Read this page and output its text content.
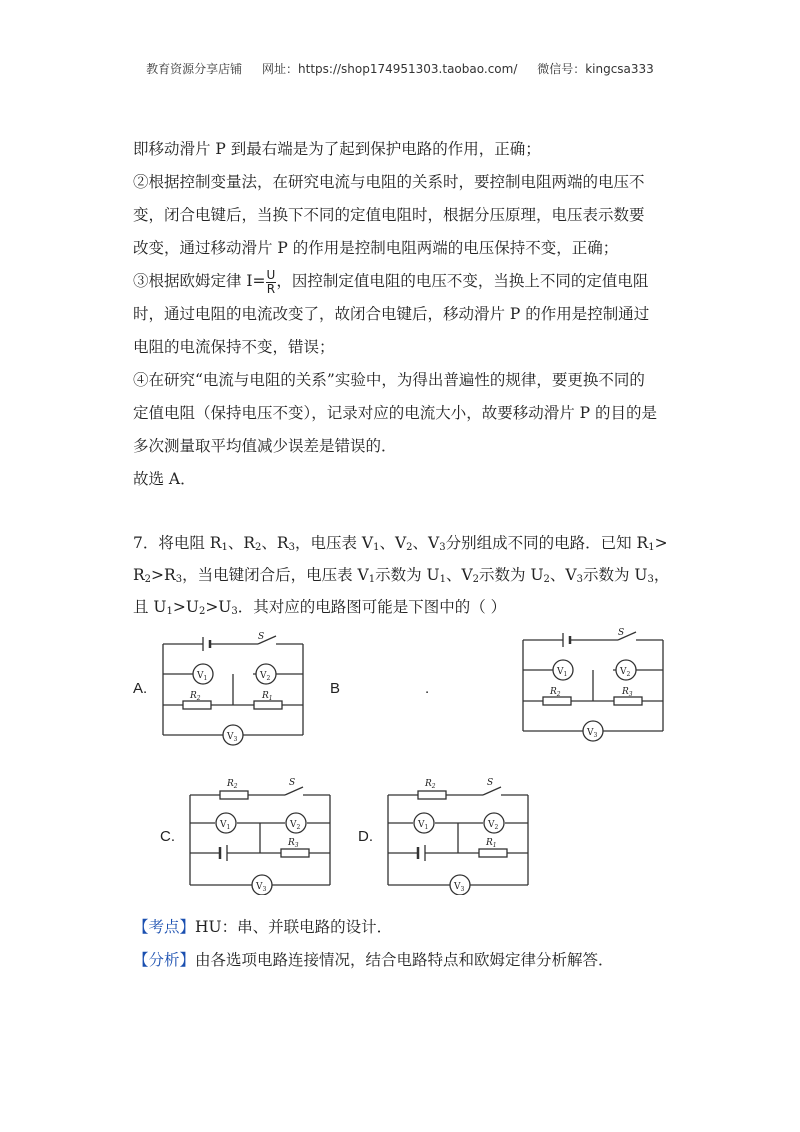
教育资源分享店铺 网址：https://shop174951303.taobao.com/ 微信号：kingcsa333
即移动滑片 P 到最右端是为了起到保护电路的作用，正确；
②根据控制变量法，在研究电流与电阻的关系时，要控制电阻两端的电压不
变，闭合电键后，当换下不同的定值电阻时，根据分压原理，电压表示数要
改变，通过移动滑片 P 的作用是控制电阻两端的电压保持不变，正确；
③根据欧姆定律 $I= \frac{U}{R}$ ，因控制定值电阻的电压不变，当换上不同的定值电阻
时，通过电阻的电流改变了，故闭合电键后，移动滑片 P 的作用是控制通过
电阻的电流保持不变，错误；
④在研究“电流与电阻的关系”实验中，为得出普遍性的规律，要更换不同的
定值电阻（保持电压不变），记录对应的电流大小，故要移动滑片 P 的目的是
多次测量取平均值减少误差是错误的．
故选 A．
7．将电阻 $R_1$、$R_2$、$R_3$，电压表 $V_1$、$V_2$、$V_3$分别组成不同的电路．已知 $R_1>$
$R_2>R_3$，当电键闭合后，电压表 $V_1$示数为 $U_1$、$V_2$示数为 $U_2$、$V_3$示数为 $U_3$，
且 $U_1>U_2>U_3$．其对应的电路图可能是下图中的（ ）
A.	B	.
C.	D.
S
$V_1$	$V_2$
$V_3$
$R_2$	$R_1$
S
$V_1$	$V_2$
$V_3$
$R_2$	$R_3$
$R_2$	S
$V_1$	$V_2$
$V_3$
$R_3$
$R_2$	S
$V_1$	$V_2$
$V_3$
$R_1$
【考点】HU：串、并联电路的设计．
【分析】由各选项电路连接情况，结合电路特点和欧姆定律分析解答．
